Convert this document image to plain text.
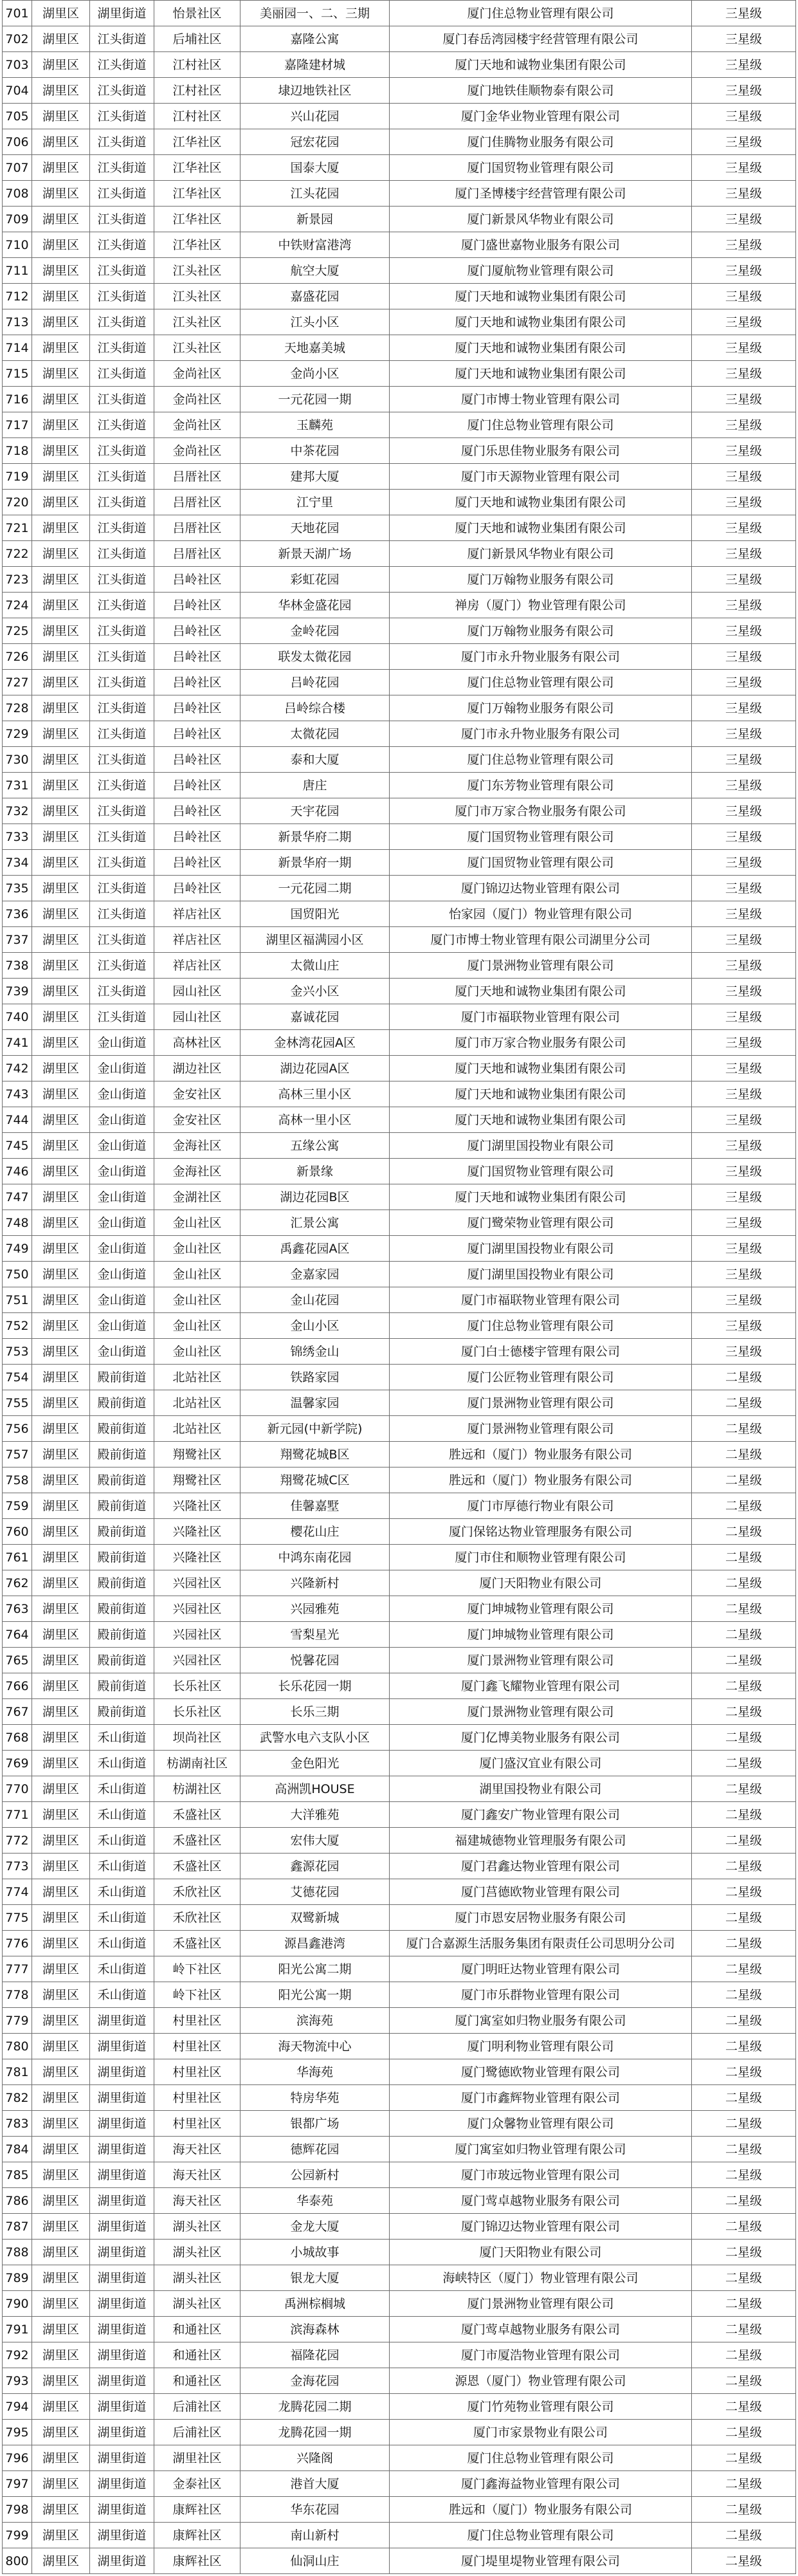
701	湖里区	湖里街道	怡景社区	美丽园一、二、三期	厦门住总物业管理有限公司	三星级
702	湖里区	江头街道	后埔社区	嘉隆公寓	厦门春岳湾园楼宇经营管理有限公司	三星级
703	湖里区	江头街道	江村社区	嘉隆建材城	厦门天地和诚物业集团有限公司	三星级
704	湖里区	江头街道	江村社区	埭辺地铁社区	厦门地铁佳顺物泰有限公司	三星级
705	湖里区	江头街道	江村社区	兴山花园	厦门金华业物业管理有限公司	三星级
706	湖里区	江头街道	江华社区	冠宏花园	厦门佳腾物业服务有限公司	三星级
707	湖里区	江头街道	江华社区	国泰大厦	厦门国贸物业管理有限公司	三星级
708	湖里区	江头街道	江华社区	江头花园	厦门圣博楼宇经营管理有限公司	三星级
709	湖里区	江头街道	江华社区	新景园	厦门新景风华物业有限公司	三星级
710	湖里区	江头街道	江华社区	中铁财富港湾	厦门盛世嘉物业服务有限公司	三星级
711	湖里区	江头街道	江头社区	航空大厦	厦门厦航物业管理有限公司	三星级
712	湖里区	江头街道	江头社区	嘉盛花园	厦门天地和诚物业集团有限公司	三星级
713	湖里区	江头街道	江头社区	江头小区	厦门天地和诚物业集团有限公司	三星级
714	湖里区	江头街道	江头社区	天地嘉美城	厦门天地和诚物业集团有限公司	三星级
715	湖里区	江头街道	金尚社区	金尚小区	厦门天地和诚物业集团有限公司	三星级
716	湖里区	江头街道	金尚社区	一元花园一期	厦门市博士物业管理有限公司	三星级
717	湖里区	江头街道	金尚社区	玉麟苑	厦门住总物业管理有限公司	三星级
718	湖里区	江头街道	金尚社区	中茶花园	厦门乐思佳物业服务有限公司	三星级
719	湖里区	江头街道	吕厝社区	建邦大厦	厦门市天源物业管理有限公司	三星级
720	湖里区	江头街道	吕厝社区	江宁里	厦门天地和诚物业集团有限公司	三星级
721	湖里区	江头街道	吕厝社区	天地花园	厦门天地和诚物业集团有限公司	三星级
722	湖里区	江头街道	吕厝社区	新景天湖广场	厦门新景风华物业有限公司	三星级
723	湖里区	江头街道	吕岭社区	彩虹花园	厦门万翰物业服务有限公司	三星级
724	湖里区	江头街道	吕岭社区	华林金盛花园	禅房（厦门）物业管理有限公司	三星级
725	湖里区	江头街道	吕岭社区	金岭花园	厦门万翰物业服务有限公司	三星级
726	湖里区	江头街道	吕岭社区	联发太微花园	厦门市永升物业服务有限公司	三星级
727	湖里区	江头街道	吕岭社区	吕岭花园	厦门住总物业管理有限公司	三星级
728	湖里区	江头街道	吕岭社区	吕岭综合楼	厦门万翰物业服务有限公司	三星级
729	湖里区	江头街道	吕岭社区	太微花园	厦门市永升物业服务有限公司	三星级
730	湖里区	江头街道	吕岭社区	泰和大厦	厦门住总物业管理有限公司	三星级
731	湖里区	江头街道	吕岭社区	唐庄	厦门东芳物业管理有限公司	三星级
732	湖里区	江头街道	吕岭社区	天宇花园	厦门市万家合物业服务有限公司	三星级
733	湖里区	江头街道	吕岭社区	新景华府二期	厦门国贸物业管理有限公司	三星级
734	湖里区	江头街道	吕岭社区	新景华府一期	厦门国贸物业管理有限公司	三星级
735	湖里区	江头街道	吕岭社区	一元花园二期	厦门锦辺达物业管理有限公司	三星级
736	湖里区	江头街道	祥店社区	国贸阳光	怡家园（厦门）物业管理有限公司	三星级
737	湖里区	江头街道	祥店社区	湖里区福满园小区	厦门市博士物业管理有限公司湖里分公司	三星级
738	湖里区	江头街道	祥店社区	太微山庄	厦门景洲物业管理有限公司	三星级
739	湖里区	江头街道	园山社区	金兴小区	厦门天地和诚物业集团有限公司	三星级
740	湖里区	江头街道	园山社区	嘉诚花园	厦门市福联物业管理有限公司	三星级
741	湖里区	金山街道	高林社区	金林湾花园A区	厦门市万家合物业服务有限公司	三星级
742	湖里区	金山街道	湖边社区	湖边花园A区	厦门天地和诚物业集团有限公司	三星级
743	湖里区	金山街道	金安社区	高林三里小区	厦门天地和诚物业集团有限公司	三星级
744	湖里区	金山街道	金安社区	高林一里小区	厦门天地和诚物业集团有限公司	三星级
745	湖里区	金山街道	金海社区	五缘公寓	厦门湖里国投物业有限公司	三星级
746	湖里区	金山街道	金海社区	新景缘	厦门国贸物业管理有限公司	三星级
747	湖里区	金山街道	金湖社区	湖边花园B区	厦门天地和诚物业集团有限公司	三星级
748	湖里区	金山街道	金山社区	汇景公寓	厦门鹭荣物业管理有限公司	三星级
749	湖里区	金山街道	金山社区	禹鑫花园A区	厦门湖里国投物业有限公司	三星级
750	湖里区	金山街道	金山社区	金嘉家园	厦门湖里国投物业有限公司	三星级
751	湖里区	金山街道	金山社区	金山花园	厦门市福联物业管理有限公司	三星级
752	湖里区	金山街道	金山社区	金山小区	厦门住总物业管理有限公司	三星级
753	湖里区	金山街道	金山社区	锦绣金山	厦门白士德楼宇管理有限公司	三星级
754	湖里区	殿前街道	北站社区	铁路家园	厦门公匠物业管理有限公司	二星级
755	湖里区	殿前街道	北站社区	温馨家园	厦门景洲物业管理有限公司	二星级
756	湖里区	殿前街道	北站社区	新元园(中新学院)	厦门景洲物业管理有限公司	二星级
757	湖里区	殿前街道	翔鹭社区	翔鹭花城B区	胜远和（厦门）物业服务有限公司	二星级
758	湖里区	殿前街道	翔鹭社区	翔鹭花城C区	胜远和（厦门）物业服务有限公司	二星级
759	湖里区	殿前街道	兴隆社区	佳馨嘉墅	厦门市厚德行物业有限公司	二星级
760	湖里区	殿前街道	兴隆社区	樱花山庄	厦门保铭达物业管理服务有限公司	二星级
761	湖里区	殿前街道	兴隆社区	中鸿东南花园	厦门市住和顺物业管理有限公司	二星级
762	湖里区	殿前街道	兴园社区	兴隆新村	厦门天阳物业有限公司	二星级
763	湖里区	殿前街道	兴园社区	兴园雅苑	厦门坤城物业管理有限公司	二星级
764	湖里区	殿前街道	兴园社区	雪梨星光	厦门坤城物业管理有限公司	二星级
765	湖里区	殿前街道	兴园社区	悦馨花园	厦门景洲物业管理有限公司	二星级
766	湖里区	殿前街道	长乐社区	长乐花园一期	厦门鑫飞耀物业管理有限公司	二星级
767	湖里区	殿前街道	长乐社区	长乐三期	厦门景洲物业管理有限公司	二星级
768	湖里区	禾山街道	坝尚社区	武警水电六支队小区	厦门亿博美物业服务有限公司	二星级
769	湖里区	禾山街道	枋湖南社区	金色阳光	厦门盛汉宜业有限公司	二星级
770	湖里区	禾山街道	枋湖社区	高洲凯HOUSE	湖里国投物业有限公司	二星级
771	湖里区	禾山街道	禾盛社区	大洋雅苑	厦门鑫安广物业管理有限公司	二星级
772	湖里区	禾山街道	禾盛社区	宏伟大厦	福建城德物业管理服务有限公司	二星级
773	湖里区	禾山街道	禾盛社区	鑫源花园	厦门君鑫达物业管理有限公司	二星级
774	湖里区	禾山街道	禾欣社区	艾德花园	厦门莒德欧物业管理有限公司	二星级
775	湖里区	禾山街道	禾欣社区	双鹭新城	厦门市恩安居物业服务有限公司	二星级
776	湖里区	禾山街道	禾盛社区	源昌鑫港湾	厦门合嘉源生活服务集团有限责任公司思明分公司	二星级
777	湖里区	禾山街道	岭下社区	阳光公寓二期	厦门明旺达物业管理有限公司	二星级
778	湖里区	禾山街道	岭下社区	阳光公寓一期	厦门市乐群物业管理有限公司	二星级
779	湖里区	湖里街道	村里社区	滨海苑	厦门寓室如归物业服务有限公司	二星级
780	湖里区	湖里街道	村里社区	海天物流中心	厦门明利物业管理有限公司	二星级
781	湖里区	湖里街道	村里社区	华海苑	厦门鹭德欧物业管理有限公司	二星级
782	湖里区	湖里街道	村里社区	特房华苑	厦门市鑫辉物业管理有限公司	二星级
783	湖里区	湖里街道	村里社区	银都广场	厦门众馨物业管理有限公司	二星级
784	湖里区	湖里街道	海天社区	德辉花园	厦门寓室如归物业管理有限公司	二星级
785	湖里区	湖里街道	海天社区	公园新村	厦门市玻远物业管理有限公司	二星级
786	湖里区	湖里街道	海天社区	华泰苑	厦门莺卓越物业服务有限公司	二星级
787	湖里区	湖里街道	湖头社区	金龙大厦	厦门锦辺达物业管理有限公司	二星级
788	湖里区	湖里街道	湖头社区	小城故事	厦门天阳物业有限公司	二星级
789	湖里区	湖里街道	湖头社区	银龙大厦	海峡特区（厦门）物业管理有限公司	二星级
790	湖里区	湖里街道	湖头社区	禹洲棕榈城	厦门景洲物业管理有限公司	二星级
791	湖里区	湖里街道	和通社区	滨海森林	厦门莺卓越物业服务有限公司	二星级
792	湖里区	湖里街道	和通社区	福隆花园	厦门市厦浩物业管理有限公司	二星级
793	湖里区	湖里街道	和通社区	金海花园	源恩（厦门）物业管理有限公司	二星级
794	湖里区	湖里街道	后浦社区	龙腾花园二期	厦门竹苑物业管理有限公司	二星级
795	湖里区	湖里街道	后浦社区	龙腾花园一期	厦门市家景物业有限公司	二星级
796	湖里区	湖里街道	湖里社区	兴隆阁	厦门住总物业管理有限公司	二星级
797	湖里区	湖里街道	金泰社区	港首大厦	厦门鑫海益物业管理有限公司	二星级
798	湖里区	湖里街道	康辉社区	华东花园	胜远和（厦门）物业服务有限公司	二星级
799	湖里区	湖里街道	康辉社区	南山新村	厦门住总物业管理有限公司	二星级
800	湖里区	湖里街道	康辉社区	仙洞山庄	厦门堤里堤物业管理有限公司	二星级
